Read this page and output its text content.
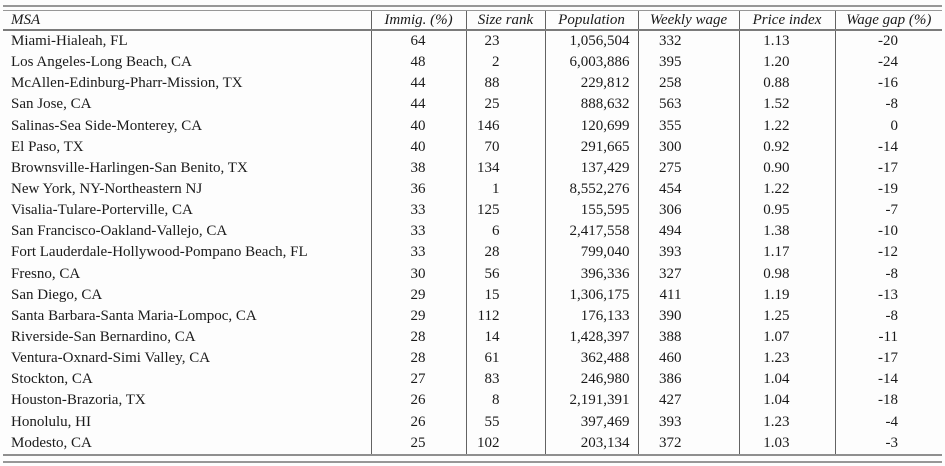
MSA	Immig. (%)	Size rank	Population	Weekly wage	Price index	Wage gap (%)
Miami-Hialeah, FL	64	23	1,056,504	332	1.13	-20
Los Angeles-Long Beach, CA	48	2	6,003,886	395	1.20	-24
McAllen-Edinburg-Pharr-Mission, TX	44	88	229,812	258	0.88	-16
San Jose, CA	44	25	888,632	563	1.52	-8
Salinas-Sea Side-Monterey, CA	40	146	120,699	355	1.22	0
El Paso, TX	40	70	291,665	300	0.92	-14
Brownsville-Harlingen-San Benito, TX	38	134	137,429	275	0.90	-17
New York, NY-Northeastern NJ	36	1	8,552,276	454	1.22	-19
Visalia-Tulare-Porterville, CA	33	125	155,595	306	0.95	-7
San Francisco-Oakland-Vallejo, CA	33	6	2,417,558	494	1.38	-10
Fort Lauderdale-Hollywood-Pompano Beach, FL	33	28	799,040	393	1.17	-12
Fresno, CA	30	56	396,336	327	0.98	-8
San Diego, CA	29	15	1,306,175	411	1.19	-13
Santa Barbara-Santa Maria-Lompoc, CA	29	112	176,133	390	1.25	-8
Riverside-San Bernardino, CA	28	14	1,428,397	388	1.07	-11
Ventura-Oxnard-Simi Valley, CA	28	61	362,488	460	1.23	-17
Stockton, CA	27	83	246,980	386	1.04	-14
Houston-Brazoria, TX	26	8	2,191,391	427	1.04	-18
Honolulu, HI	26	55	397,469	393	1.23	-4
Modesto, CA	25	102	203,134	372	1.03	-3
